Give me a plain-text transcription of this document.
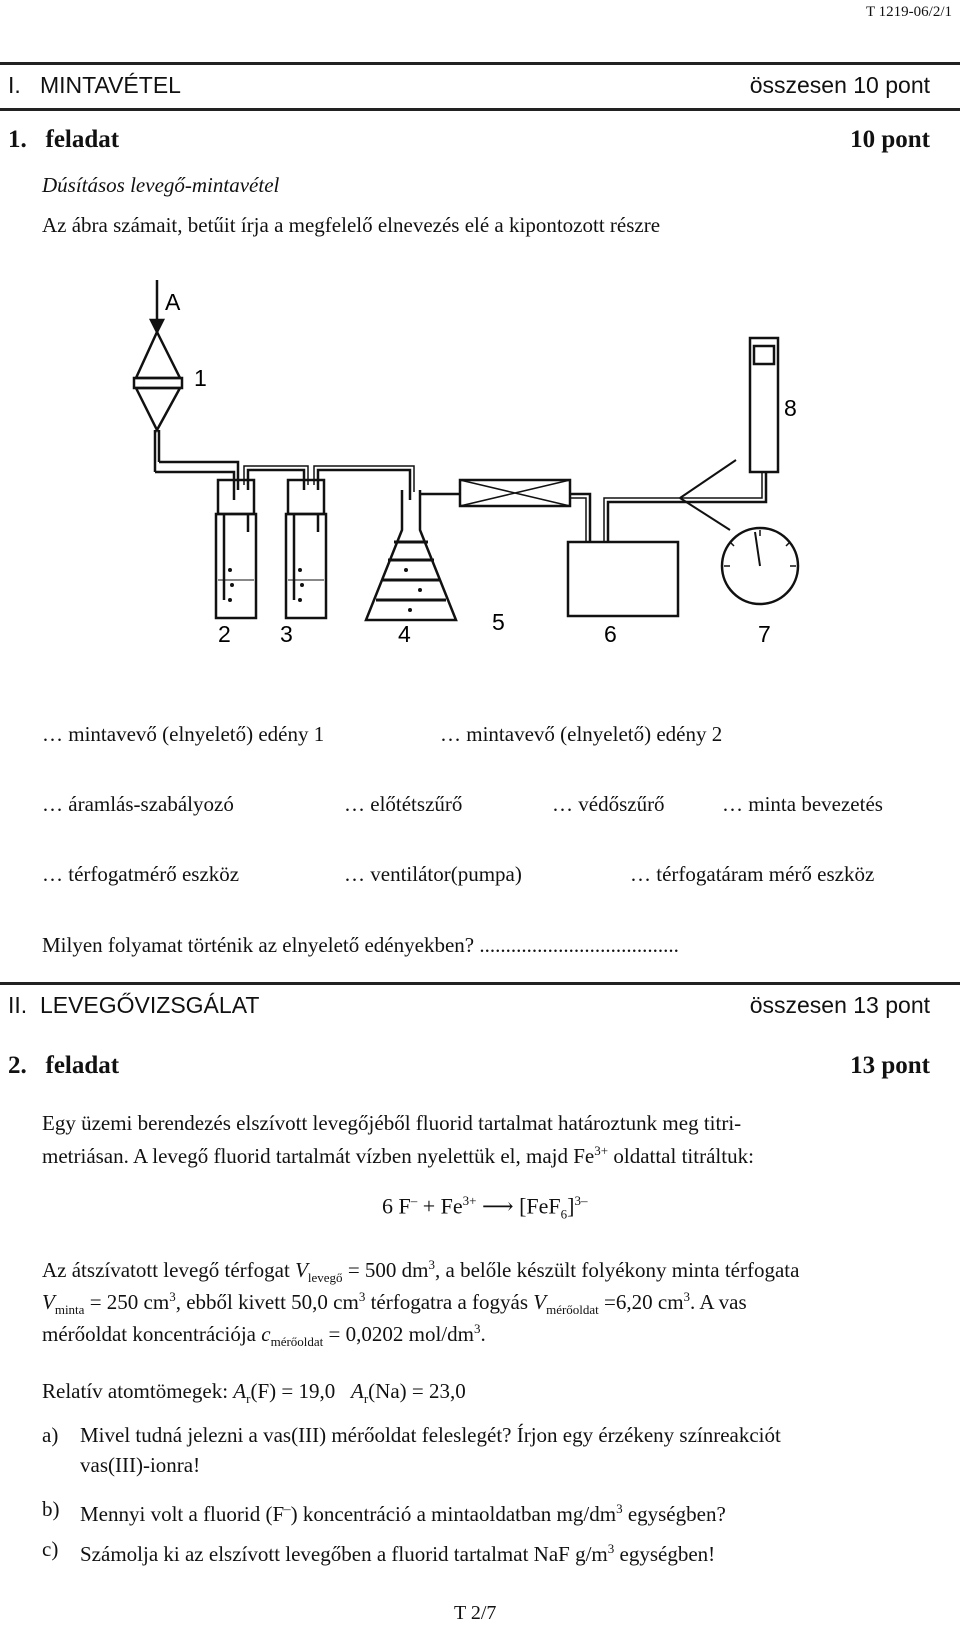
T 1219-06/2/1
I.   MINTAVÉTEL	összesen 10 pont
1.   feladat	10 pont
Dúsításos levegő-mintavétel
Az ábra számait, betűit írja a megfelelő elnevezés elé a kipontozott részre
A
1
2 3	4	5	6	7
8
… mintavevő (elnyelető) edény 1	… mintavevő (elnyelető) edény 2
… áramlás-szabályozó	… előtétszűrő	… védőszűrő	… minta bevezetés
… térfogatmérő eszköz	… ventilátor(pumpa)	… térfogatáram mérő eszköz
Milyen folyamat történik az elnyelető edényekben? ......................................
II.  LEVEGŐVIZSGÁLAT	összesen 13 pont
2.   feladat	13 pont
Egy üzemi berendezés elszívott levegőjéből fluorid tartalmat határoztunk meg titri-
metriásan. A levegő fluorid tartalmát vízben nyelettük el, majd $Fe^{3+}$ oldattal titráltuk:
6 $F^- + Fe^{3+}$ ⟶ $[FeF_6]^{3-}$
Az átszívatott levegő térfogat $V_{levegő} = 500$ $dm^3$, a belőle készült folyékony minta térfogata
$V_{minta} = 250$ $cm^3$, ebből kivett 50,0 $cm^3$ térfogatra a fogyás $V_{mérőoldat} =6,20$ $cm^3$. A vas
mérőoldat koncentrációja $c_{mérőoldat} = 0,0202$ mol/$dm^3$.
Relatív atomtömegek: $A_r(F) = 19,0$   $A_r(Na) = 23,0$
a) Mivel tudná jelezni a vas(III) mérőoldat feleslegét? Írjon egy érzékeny színreakciót
vas(III)-ionra!
b) Mennyi volt a fluorid (F–) koncentráció a mintaoldatban $mg/dm^3$ egységben?
c) Számolja ki az elszívott levegőben a fluorid tartalmat NaF $g/m^3$ egységben!
T 2/7
